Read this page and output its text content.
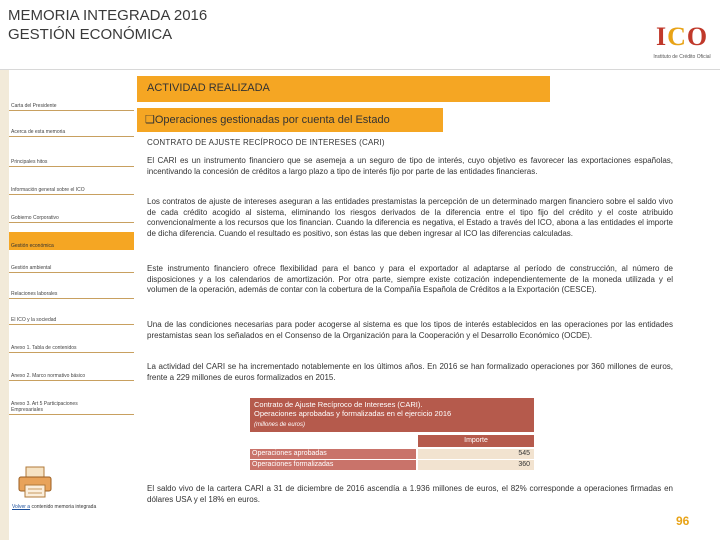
MEMORIA INTEGRADA 2016
GESTIÓN ECONÓMICA	ICO
Instituto de Crédito Oficial
Carta del Presidente
Acerca de esta memoria
Principales hitos
Información general sobre el ICO
Gobierno Corporativo
Gestión económica
Gestión ambiental
Relaciones laborales
El ICO y la sociedad
Anexo 1. Tabla de contenidos
Anexo 2. Marco normativo básico
Anexo 3. Art 5 Participaciones Empresariales
Volver a contenido memoria integrada
ACTIVIDAD REALIZADA
❑Operaciones gestionadas por cuenta del Estado
CONTRATO DE AJUSTE RECÍPROCO DE INTERESES (CARI)
El CARI es un instrumento financiero que se asemeja a un seguro de tipo de interés, cuyo objetivo es favorecer las exportaciones españolas, incentivando la concesión de créditos a largo plazo a tipo de interés fijo por parte de las entidades financieras.
Los contratos de ajuste de intereses aseguran a las entidades prestamistas la percepción de un determinado margen financiero sobre el saldo vivo de cada crédito acogido al sistema, eliminando los riesgos derivados de la diferencia entre el tipo fijo del crédito y el coste atribuido convencionalmente a los recursos que los financian. Cuando la diferencia es negativa, el Estado a través del ICO, abona a las entidades el importe de dicha diferencia. Cuando el resultado es positivo, son éstas las que deben ingresar al ICO las diferencias calculadas.
Este instrumento financiero ofrece flexibilidad para el banco y para el exportador al adaptarse al período de construcción, al número de disposiciones y a los calendarios de amortización. Por otra parte, siempre existe cotización independientemente de la moneda utilizada y el volumen de la operación, además de contar con la cobertura de la Compañía Española de Créditos a la Exportación (CESCE).
Una de las condiciones necesarias para poder acogerse al sistema es que los tipos de interés establecidos en las operaciones por las entidades prestamistas sean los señalados en el Consenso de la Organización para la Cooperación y el Desarrollo Económico (OCDE).
La actividad del CARI se ha incrementado notablemente en los últimos años. En 2016 se han formalizado operaciones por 360 millones de euros, frente a 229 millones de euros formalizados en 2015.
Contrato de Ajuste Recíproco de Intereses (CARI).
Operaciones aprobadas y formalizadas en el ejercicio 2016
(millones de euros)
Importe
Operaciones aprobadas	545
Operaciones formalizadas	360
El saldo vivo de la cartera CARI a 31 de diciembre de 2016 ascendía a 1.936 millones de euros, el 82% corresponde a operaciones firmadas en dólares USA y el 18% en euros.
96
